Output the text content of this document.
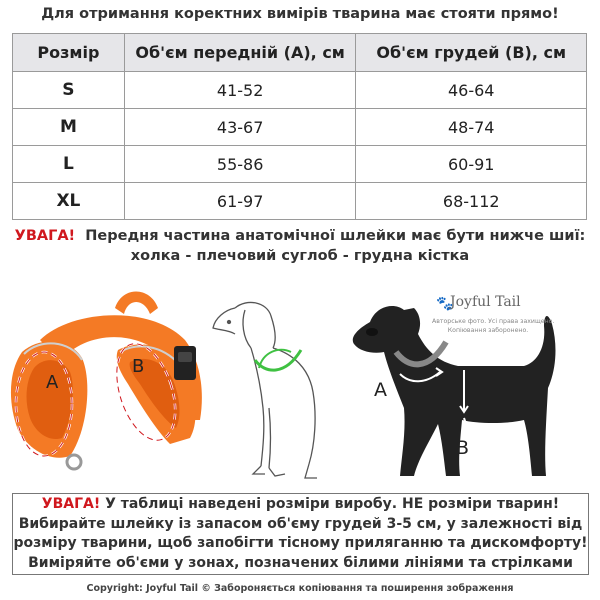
Для отримання коректних вимірів тварина має стояти прямо!
Розмір	Об'єм передній (А), см	Об'єм грудей (В), см
S	41-52	46-64
M	43-67	48-74
L	55-86	60-91
XL	61-97	68-112
УВАГА! Передня частина анатомічної шлейки має бути нижче шиї:
холка - плечовий суглоб - грудна кістка
A
B
A
B
🐾
Joyful Tail
Авторське фото. Усі права захищено.
Копіювання заборонено.
УВАГА! У таблиці наведені розміри виробу. НЕ розміри тварин!
Вибирайте шлейку із запасом об'єму грудей 3-5 см, у залежності від
розміру тварини, щоб запобігти тісному приляганню та дискомфорту!
Виміряйте об'єми у зонах, позначених білими лініями та стрілками
Copyright: Joyful Tail © Забороняється копіювання та поширення зображення
